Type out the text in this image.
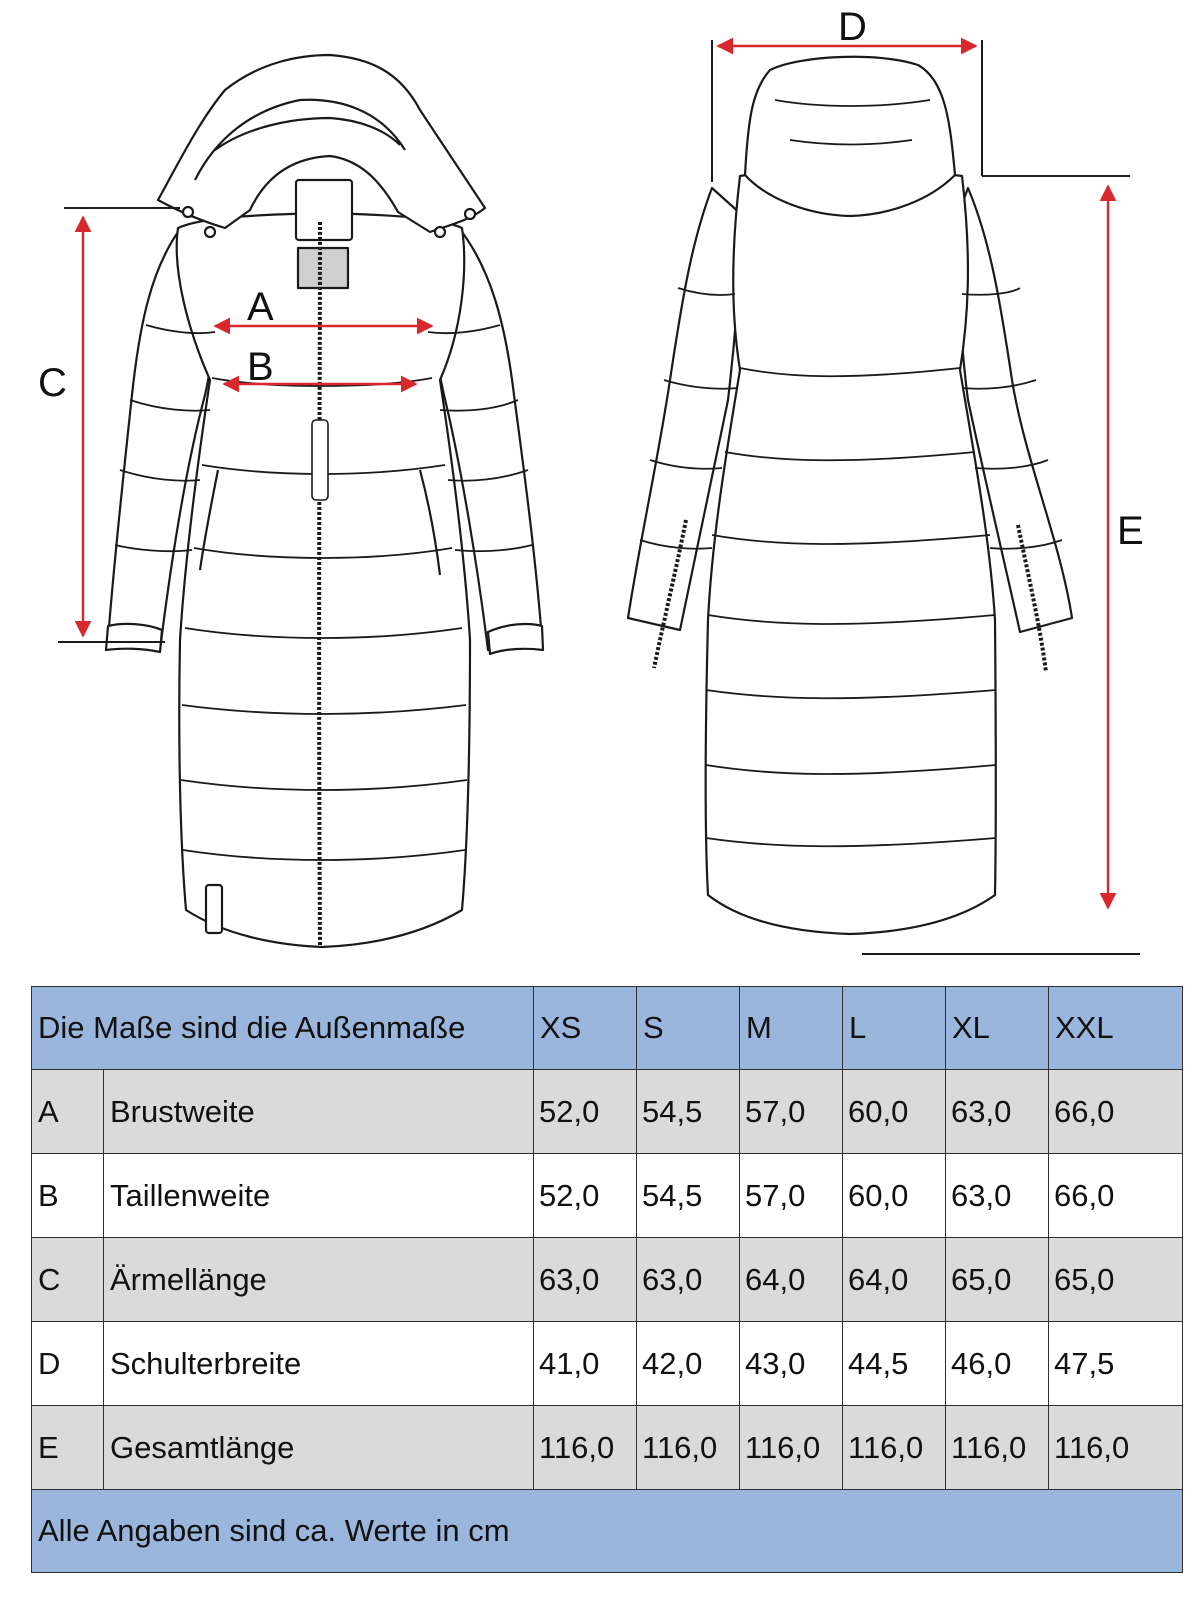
A
B
C
D
E
Die Maße sind die Außenmaße		XS	S	M	L	XL	XXL
A	Brustweite	52,0	54,5	57,0	60,0	63,0	66,0
B	Taillenweite	52,0	54,5	57,0	60,0	63,0	66,0
C	Ärmellänge	63,0	63,0	64,0	64,0	65,0	65,0
D	Schulterbreite	41,0	42,0	43,0	44,5	46,0	47,5
E	Gesamtlänge	116,0	116,0	116,0	116,0	116,0	116,0
Alle Angaben sind ca. Werte in cm							
